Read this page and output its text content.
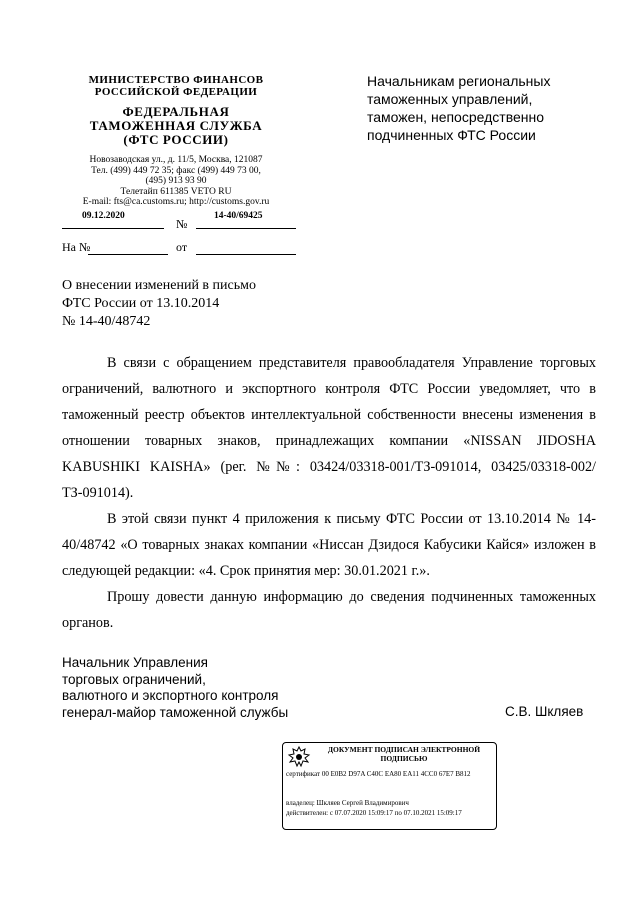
МИНИСТЕРСТВО ФИНАНСОВ
РОССИЙСКОЙ ФЕДЕРАЦИИ
ФЕДЕРАЛЬНАЯ
ТАМОЖЕННАЯ СЛУЖБА
(ФТС РОССИИ)
Новозаводская ул., д. 11/5, Москва, 121087
Тел. (499) 449 72 35; факс (499) 449 73 00,
(495) 913 93 90
Телетайп 611385 VETO RU
E-mail: fts@ca.customs.ru; http://customs.gov.ru
09.12.2020
№
14-40/69425
На №	от
Начальникам региональных
таможенных управлений,
таможен, непосредственно
подчиненных ФТС России
О внесении изменений в письмо
ФТС России от 13.10.2014
№ 14-40/48742

В связи с обращением представителя правообладателя Управление торговых ограничений, валютного и экспортного контроля ФТС России уведомляет, что в таможенный реестр объектов интеллектуальной собственности внесены изменения в отношении товарных знаков, принадлежащих компании «NISSAN JIDOSHA KABUSHIKI KAISHA» (рег. №№: 03424/03318-001/ТЗ-091014, 03425/03318-002/ТЗ-091014).

В этой связи пункт 4 приложения к письму ФТС России от 13.10.2014 № 14-40/48742 «О товарных знаках компании «Ниссан Дзидося Кабусики Кайся» изложен в следующей редакции: «4. Срок принятия мер: 30.01.2021 г.».

Прошу довести данную информацию до сведения подчиненных таможенных органов.

Начальник Управления
торговых ограничений,
валютного и экспортного контроля
генерал-майор таможенной службы	С.В. Шкляев
ДОКУМЕНТ ПОДПИСАН ЭЛЕКТРОННОЙ ПОДПИСЬЮ
сертификат 00 E0B2 D97A C40C EA80 EA11 4CC0 67E7 B812
владелец: Шкляев Сергей Владимирович
действителен: с 07.07.2020 15:09:17 по 07.10.2021 15:09:17
